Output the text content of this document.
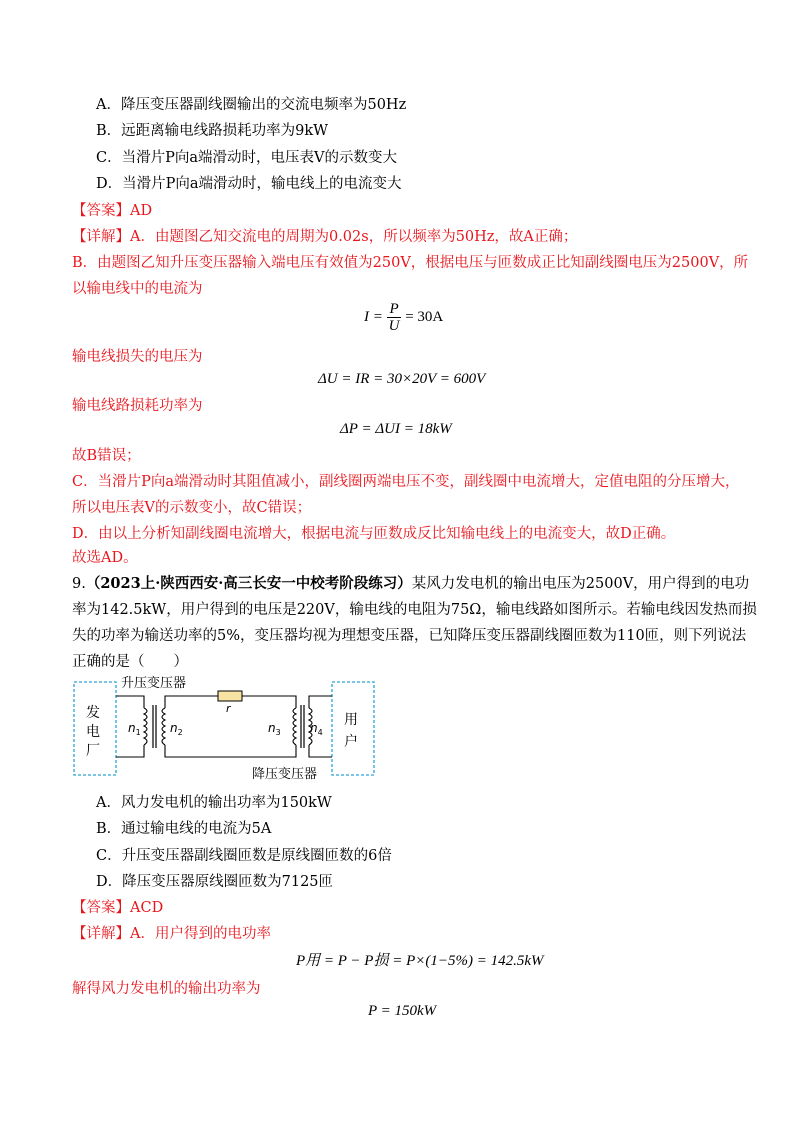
A．降压变压器副线圈输出的交流电频率为50Hz
B．远距离输电线路损耗功率为9kW
C．当滑片P向a端滑动时，电压表V的示数变大
D．当滑片P向a端滑动时，输电线上的电流变大
【答案】AD
【详解】A．由题图乙知交流电的周期为0.02s，所以频率为50Hz，故A正确；
B．由题图乙知升压变压器输入端电压有效值为250V，根据电压与匝数成正比知副线圈电压为2500V，所
以输电线中的电流为
$I = \frac{P}{U} = 30A$
输电线损失的电压为
ΔU = IR = 30×20V = 600V
输电线路损耗功率为
ΔP = ΔUI = 18kW
故B错误；
C．当滑片P向a端滑动时其阻值减小，副线圈两端电压不变，副线圈中电流增大，定值电阻的分压增大，
所以电压表V的示数变小，故C错误；
D．由以上分析知副线圈电流增大，根据电流与匝数成反比知输电线上的电流变大，故D正确。
故选AD。
9.（2023上·陕西西安·高三长安一中校考阶段练习）某风力发电机的输出电压为2500V，用户得到的电功
率为142.5kW，用户得到的电压是220V，输电线的电阻为75Ω，输电线路如图所示。若输电线因发热而损
失的功率为输送功率的5%，变压器均视为理想变压器，已知降压变压器副线圈匝数为110匝，则下列说法
正确的是（　　）
发
电
厂
用
户
r
升压变压器
降压变压器
$n_1$ $n_2$	$n_3$ $n_4$
A．风力发电机的输出功率为150kW
B．通过输电线的电流为5A
C．升压变压器副线圈匝数是原线圈匝数的6倍
D．降压变压器原线圈匝数为7125匝
【答案】ACD
【详解】A．用户得到的电功率
P用 = P − P损 = P×(1−5%) = 142.5kW
解得风力发电机的输出功率为
P = 150kW
